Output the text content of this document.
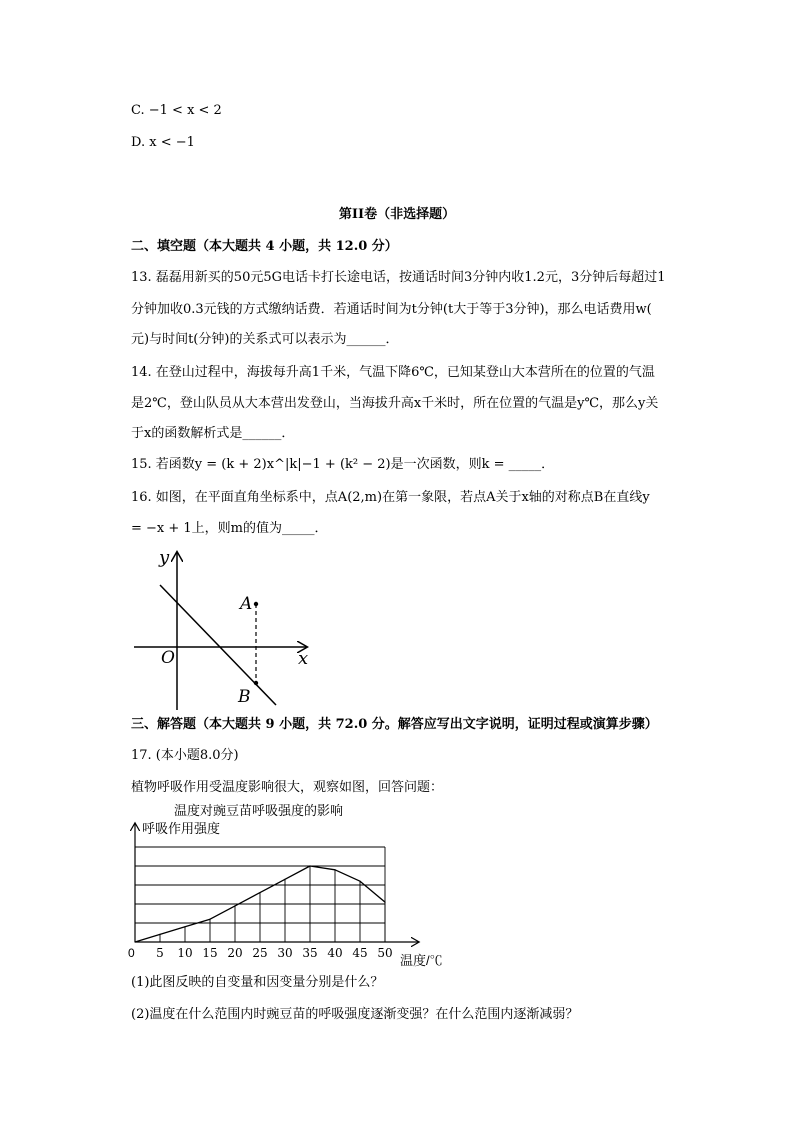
C. −1 < x < 2
D. x < −1
第II卷（非选择题）
二、填空题（本大题共 4 小题，共 12.0 分）
13. 磊磊用新买的50元5G电话卡打长途电话，按通话时间3分钟内收1.2元，3分钟后每超过1
分钟加收0.3元钱的方式缴纳话费．若通话时间为t分钟(t大于等于3分钟)，那么电话费用w(
元)与时间t(分钟)的关系式可以表示为______．
14. 在登山过程中，海拔每升高1千米，气温下降6℃，已知某登山大本营所在的位置的气温
是2℃，登山队员从大本营出发登山，当海拔升高x千米时，所在位置的气温是y℃，那么y关
于x的函数解析式是______．
15. 若函数y = (k + 2)x^|k|−1 + (k² − 2)是一次函数，则k = _____．
16. 如图，在平面直角坐标系中，点A(2,m)在第一象限，若点A关于x轴的对称点B在直线y
= −x + 1上，则m的值为_____．
y
x
O
A
B
三、解答题（本大题共 9 小题，共 72.0 分。解答应写出文字说明，证明过程或演算步骤）
17. (本小题8.0分)
植物呼吸作用受温度影响很大，观察如图，回答问题：
温度对豌豆苗呼吸强度的影响
呼吸作用强度
温度/℃
0 5 10 15 20 25 30 35 40 45 50
(1)此图反映的自变量和因变量分别是什么？
(2)温度在什么范围内时豌豆苗的呼吸强度逐渐变强？在什么范围内逐渐减弱？
